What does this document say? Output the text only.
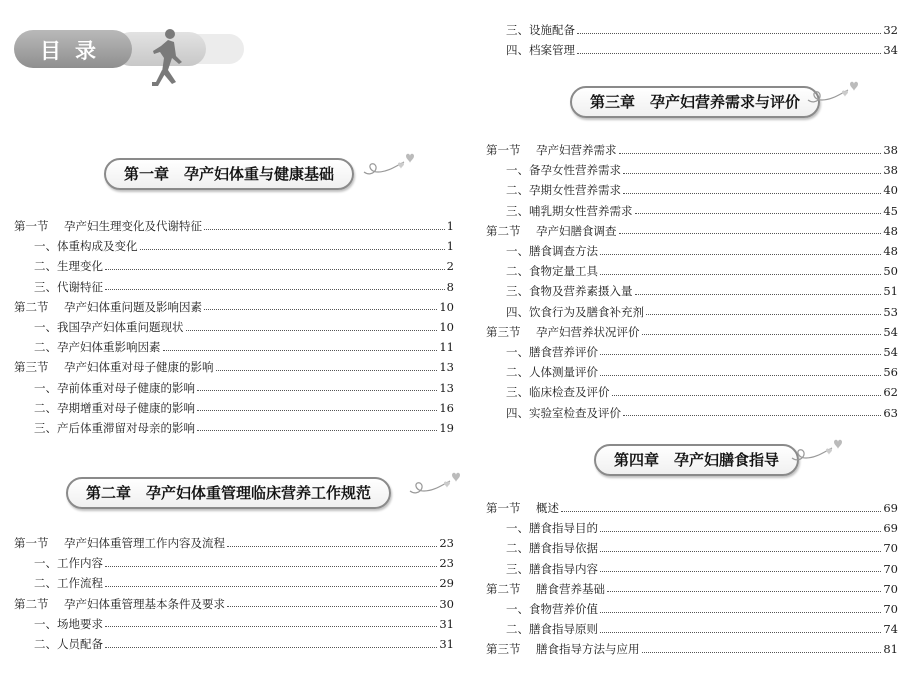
目录
第一章　孕产妇体重与健康基础
第一节 孕产妇生理变化及代谢特征	1
一、体重构成及变化	1
二、生理变化	2
三、代谢特征	8
第二节 孕产妇体重问题及影响因素	10
一、我国孕产妇体重问题现状	10
二、孕产妇体重影响因素	11
第三节 孕产妇体重对母子健康的影响	13
一、孕前体重对母子健康的影响	13
二、孕期增重对母子健康的影响	16
三、产后体重滞留对母亲的影响	19
第二章　孕产妇体重管理临床营养工作规范
第一节 孕产妇体重管理工作内容及流程	23
一、工作内容	23
二、工作流程	29
第二节 孕产妇体重管理基本条件及要求	30
一、场地要求	31
二、人员配备	31
三、设施配备	32
四、档案管理	34
第三章　孕产妇营养需求与评价
第一节 孕产妇营养需求	38
一、备孕女性营养需求	38
二、孕期女性营养需求	40
三、哺乳期女性营养需求	45
第二节 孕产妇膳食调查	48
一、膳食调查方法	48
二、食物定量工具	50
三、食物及营养素摄入量	51
四、饮食行为及膳食补充剂	53
第三节 孕产妇营养状况评价	54
一、膳食营养评价	54
二、人体测量评价	56
三、临床检查及评价	62
四、实验室检查及评价	63
第四章　孕产妇膳食指导
第一节 概述	69
一、膳食指导目的	69
二、膳食指导依据	70
三、膳食指导内容	70
第二节 膳食营养基础	70
一、食物营养价值	70
二、膳食指导原则	74
第三节 膳食指导方法与应用	81
